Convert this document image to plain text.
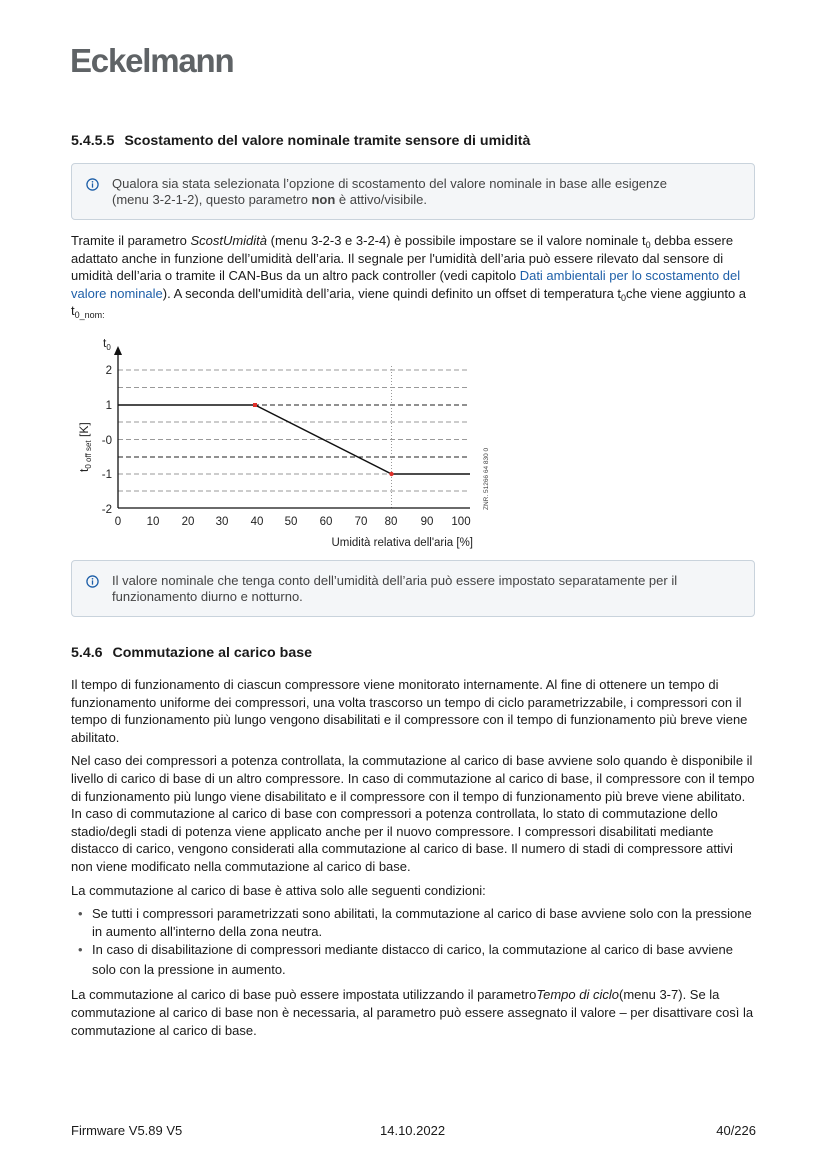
Eckelmann
5.4.5.5 Scostamento del valore nominale tramite sensore di umidità
Qualora sia stata selezionata l’opzione di scostamento del valore nominale in base alle esigenze
(menu 3-2-1-2), questo parametro non è attivo/visibile.

Tramite il parametro ScostUmidità (menu 3-2-3 e 3-2-4) è possibile impostare se il valore nominale $t_0$ debba essere adattato anche in funzione dell’umidità dell’aria. Il segnale per l'umidità dell’aria può essere rilevato dal sensore di umidità dell’aria o tramite il CAN-Bus da un altro pack controller (vedi capitolo Dati ambientali per lo scostamento del valore nominale). A seconda dell'umidità dell’aria, viene quindi definito un offset di temperatura $t_0che$ viene aggiunto a $t_{0\_nom:}$

2
1
-0
-1
-2
$t_0$
$t_{0 off set}$ [K]
0 10 20 30 40 50 60 70 80 90 100
Umidità relativa dell'aria [%]
ZNR. 51266 64 830 0
Il valore nominale che tenga conto dell’umidità dell’aria può essere impostato separatamente per il
funzionamento diurno e notturno.
5.4.6 Commutazione al carico base

Il tempo di funzionamento di ciascun compressore viene monitorato internamente. Al fine di ottenere un tempo di funzionamento uniforme dei compressori, una volta trascorso un tempo di ciclo parametrizzabile, i compressori con il tempo di funzionamento più lungo vengono disabilitati e il compressore con il tempo di funzionamento più breve viene abilitato.

Nel caso dei compressori a potenza controllata, la commutazione al carico di base avviene solo quando è disponibile il livello di carico di base di un altro compressore. In caso di commutazione al carico di base, il compressore con il tempo di funzionamento più lungo viene disabilitato e il compressore con il tempo di funzionamento più breve viene abilitato. In caso di commutazione al carico di base con compressori a potenza controllata, lo stato di commutazione dello stadio/degli stadi di potenza viene applicato anche per il nuovo compressore. I compressori disabilitati mediante distacco di carico, vengono considerati alla commutazione al carico di base. Il numero di stadi di compressore attivi non viene modificato nella commutazione al carico di base.

La commutazione al carico di base è attiva solo alle seguenti condizioni:

• Se tutti i compressori parametrizzati sono abilitati, la commutazione al carico di base avviene solo con la pressione in aumento all'interno della zona neutra.
• In caso di disabilitazione di compressori mediante distacco di carico, la commutazione al carico di base avviene solo con la pressione in aumento.

La commutazione al carico di base può essere impostata utilizzando il parametroTempo di ciclo(menu 3-7). Se la commutazione al carico di base non è necessaria, al parametro può essere assegnato il valore – per disattivare così la commutazione al carico di base.

Firmware V5.89 V5	14.10.2022	40/226
